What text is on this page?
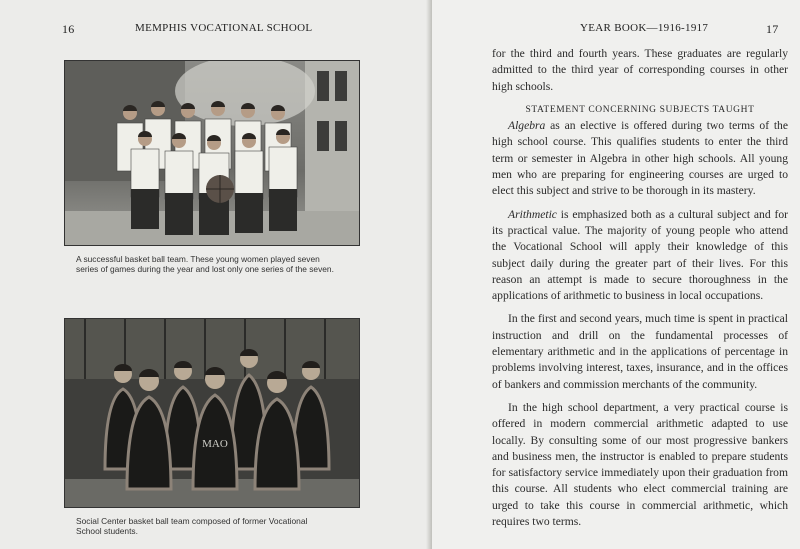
16	MEMPHIS VOCATIONAL SCHOOL
A successful basket ball team. These young women played seven
series of games during the year and lost only one series of the seven.
MAO
Social Center basket ball team composed of former Vocational
School students.
YEAR BOOK—1916-1917	17

for the third and fourth years. These graduates are regularly admitted to the third year of corresponding courses in other high schools.

STATEMENT CONCERNING SUBJECTS TAUGHT

Algebra as an elective is offered during two terms of the high school course. This qualifies students to enter the third term or semester in Algebra in other high schools. All young men who are preparing for engineering courses are urged to elect this subject and strive to be thorough in its mastery.

Arithmetic is emphasized both as a cultural subject and for its practical value. The majority of young people who attend the Vocational School will apply their knowledge of this subject daily during the greater part of their lives. For this reason an attempt is made to secure thoroughness in the applications of arithmetic to business in local occupations.

In the first and second years, much time is spent in practical instruction and drill on the fundamental processes of elementary arithmetic and in the applications of percentage in problems involving interest, taxes, insurance, and in the offices of bankers and commission merchants of the community.

In the high school department, a very practical course is offered in modern commercial arithmetic adapted to use locally. By consulting some of our most progressive bankers and business men, the instructor is enabled to prepare students for satisfactory service immediately upon their graduation from this course. All students who elect commercial training are urged to take this course in commercial arithmetic, which requires two terms.
